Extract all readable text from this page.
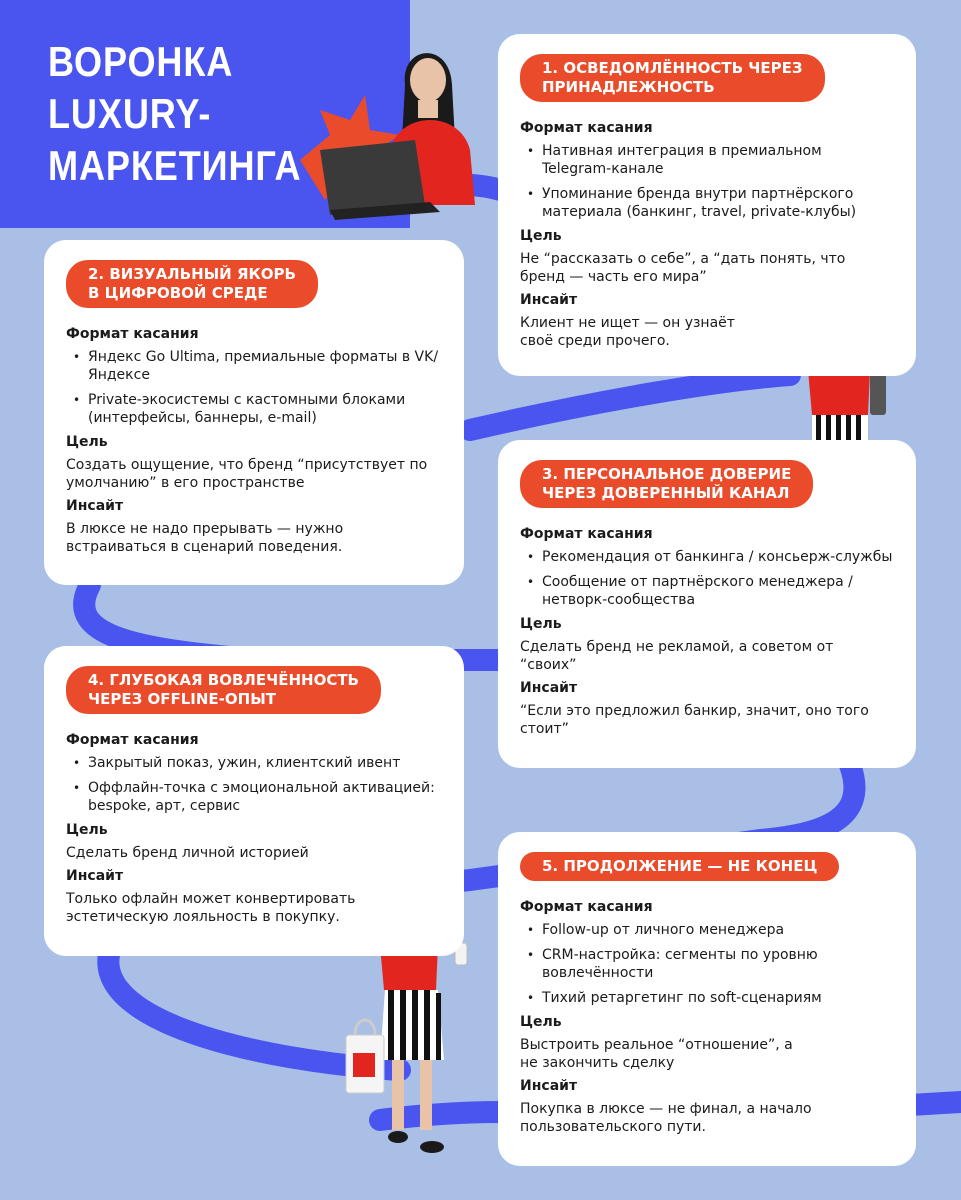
ВОРОНКА LUXURY-
МАРКЕТИНГА
1. ОСВЕДОМЛЁННОСТЬ ЧЕРЕЗ
ПРИНАДЛЕЖНОСТЬ
Формат касания
• Нативная интеграция в премиальном Telegram-канале
• Упоминание бренда внутри партнёрского материала (банкинг, travel, private-клубы)
Цель
Не “рассказать о себе”, а “дать понять, что бренд — часть его мира”
Инсайт
Клиент не ищет — он узнаёт своё среди прочего.
2. ВИЗУАЛЬНЫЙ ЯКОРЬ
В ЦИФРОВОЙ СРЕДЕ
Формат касания
• Яндекс Go Ultima, премиальные форматы в VK/Яндексе
• Private-экосистемы с кастомными блоками (интерфейсы, баннеры, e-mail)
Цель
Создать ощущение, что бренд “присутствует по умолчанию” в его пространстве
Инсайт
В люксе не надо прерывать — нужно встраиваться в сценарий поведения.
3. ПЕРСОНАЛЬНОЕ ДОВЕРИЕ
ЧЕРЕЗ ДОВЕРЕННЫЙ КАНАЛ
Формат касания
• Рекомендация от банкинга / консьерж-службы
• Сообщение от партнёрского менеджера / нетворк-сообщества
Цель
Сделать бренд не рекламой, а советом от “своих”
Инсайт
“Если это предложил банкир, значит, оно того стоит”
4. ГЛУБОКАЯ ВОВЛЕЧЁННОСТЬ
ЧЕРЕЗ OFFLINE-ОПЫТ
Формат касания
• Закрытый показ, ужин, клиентский ивент
• Оффлайн-точка с эмоциональной активацией: bespoke, арт, сервис
Цель
Сделать бренд личной историей
Инсайт
Только офлайн может конвертировать эстетическую лояльность в покупку.
5. ПРОДОЛЖЕНИЕ — НЕ КОНЕЦ
Формат касания
• Follow-up от личного менеджера
• CRM-настройка: сегменты по уровню вовлечённости
• Тихий ретаргетинг по soft-сценариям
Цель
Выстроить реальное “отношение”, а не закончить сделку
Инсайт
Покупка в люксе — не финал, а начало пользовательского пути.
